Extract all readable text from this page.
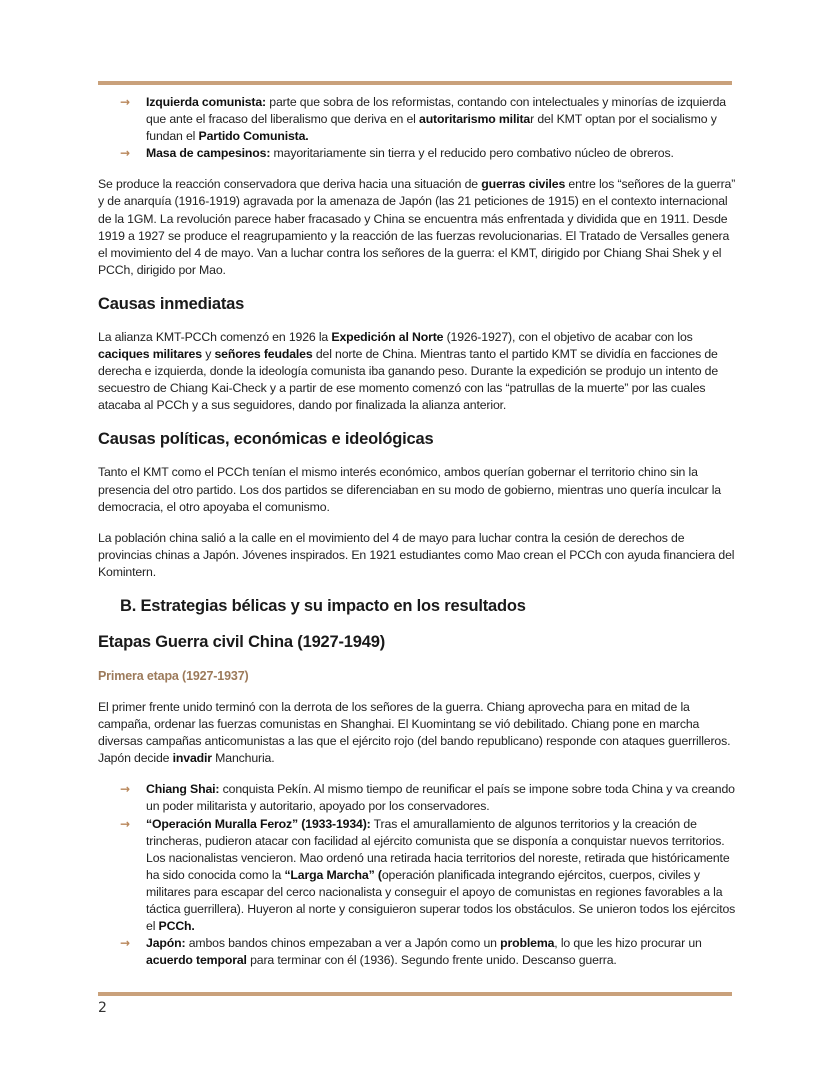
→ Izquierda comunista: parte que sobra de los reformistas, contando con intelectuales y minorías de izquierda que ante el fracaso del liberalismo que deriva en el autoritarismo militar del KMT optan por el socialismo y fundan el Partido Comunista.
→ Masa de campesinos: mayoritariamente sin tierra y el reducido pero combativo núcleo de obreros.

Se produce la reacción conservadora que deriva hacia una situación de guerras civiles entre los “señores de la guerra” y de anarquía (1916-1919) agravada por la amenaza de Japón (las 21 peticiones de 1915) en el contexto internacional de la 1GM. La revolución parece haber fracasado y China se encuentra más enfrentada y dividida que en 1911. Desde 1919 a 1927 se produce el reagrupamiento y la reacción de las fuerzas revolucionarias. El Tratado de Versalles genera el movimiento del 4 de mayo. Van a luchar contra los señores de la guerra: el KMT, dirigido por Chiang Shai Shek y el PCCh, dirigido por Mao.

Causas inmediatas

La alianza KMT-PCCh comenzó en 1926 la Expedición al Norte (1926-1927), con el objetivo de acabar con los caciques militares y señores feudales del norte de China. Mientras tanto el partido KMT se dividía en facciones de derecha e izquierda, donde la ideología comunista iba ganando peso. Durante la expedición se produjo un intento de secuestro de Chiang Kai-Check y a partir de ese momento comenzó con las “patrullas de la muerte” por las cuales atacaba al PCCh y a sus seguidores, dando por finalizada la alianza anterior.

Causas políticas, económicas e ideológicas

Tanto el KMT como el PCCh tenían el mismo interés económico, ambos querían gobernar el territorio chino sin la presencia del otro partido. Los dos partidos se diferenciaban en su modo de gobierno, mientras uno quería inculcar la democracia, el otro apoyaba el comunismo.

La población china salió a la calle en el movimiento del 4 de mayo para luchar contra la cesión de derechos de provincias chinas a Japón. Jóvenes inspirados. En 1921 estudiantes como Mao crean el PCCh con ayuda financiera del Komintern.

B. Estrategias bélicas y su impacto en los resultados
Etapas Guerra civil China (1927-1949)
Primera etapa (1927-1937)

El primer frente unido terminó con la derrota de los señores de la guerra. Chiang aprovecha para en mitad de la campaña, ordenar las fuerzas comunistas en Shanghai. El Kuomintang se vió debilitado. Chiang pone en marcha diversas campañas anticomunistas a las que el ejército rojo (del bando republicano) responde con ataques guerrilleros. Japón decide invadir Manchuria.

→ Chiang Shai: conquista Pekín. Al mismo tiempo de reunificar el país se impone sobre toda China y va creando un poder militarista y autoritario, apoyado por los conservadores.
→ “Operación Muralla Feroz” (1933-1934): Tras el amurallamiento de algunos territorios y la creación de trincheras, pudieron atacar con facilidad al ejército comunista que se disponía a conquistar nuevos territorios. Los nacionalistas vencieron. Mao ordenó una retirada hacia territorios del noreste, retirada que históricamente ha sido conocida como la “Larga Marcha” (operación planificada integrando ejércitos, cuerpos, civiles y militares para escapar del cerco nacionalista y conseguir el apoyo de comunistas en regiones favorables a la táctica guerrillera). Huyeron al norte y consiguieron superar todos los obstáculos. Se unieron todos los ejércitos el PCCh.
→ Japón: ambos bandos chinos empezaban a ver a Japón como un problema, lo que les hizo procurar un acuerdo temporal para terminar con él (1936). Segundo frente unido. Descanso guerra.
2
